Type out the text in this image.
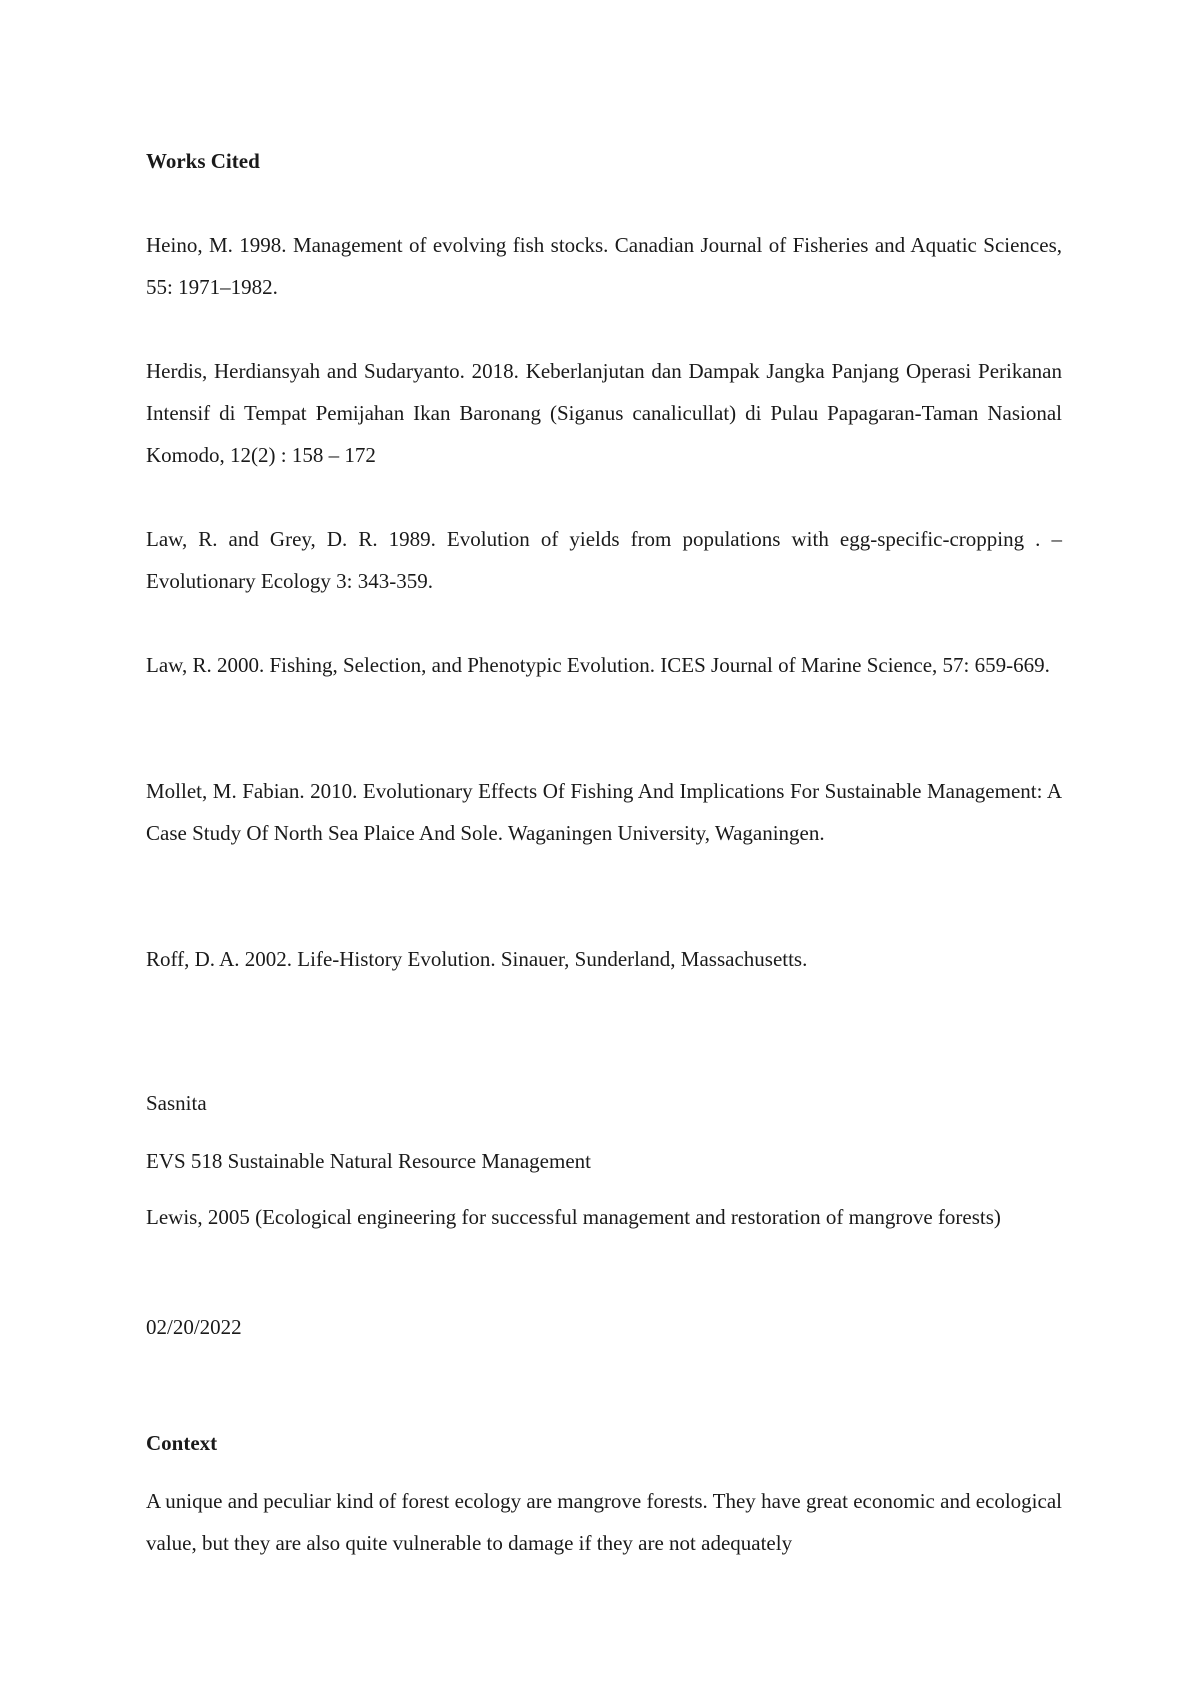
Works Cited

Heino, M. 1998. Management of evolving fish stocks. Canadian Journal of Fisheries and Aquatic Sciences, 55: 1971–1982.

Herdis, Herdiansyah and Sudaryanto. 2018. Keberlanjutan dan Dampak Jangka Panjang Operasi Perikanan Intensif di Tempat Pemijahan Ikan Baronang (Siganus canalicullat) di Pulau Papagaran-Taman Nasional Komodo, 12(2) : 158 – 172

Law, R. and Grey, D. R. 1989. Evolution of yields from populations with egg-specific-cropping . – Evolutionary Ecology 3: 343-359.

Law, R. 2000. Fishing, Selection, and Phenotypic Evolution. ICES Journal of Marine Science, 57: 659-669.

Mollet, M. Fabian. 2010. Evolutionary Effects Of Fishing And Implications For Sustainable Management: A Case Study Of North Sea Plaice And Sole. Waganingen University, Waganingen.

Roff, D. A. 2002. Life-History Evolution. Sinauer, Sunderland, Massachusetts.

Sasnita

EVS 518 Sustainable Natural Resource Management

Lewis, 2005 (Ecological engineering for successful management and restoration of mangrove forests)

02/20/2022

Context

A unique and peculiar kind of forest ecology are mangrove forests. They have great economic and ecological value, but they are also quite vulnerable to damage if they are not adequately
